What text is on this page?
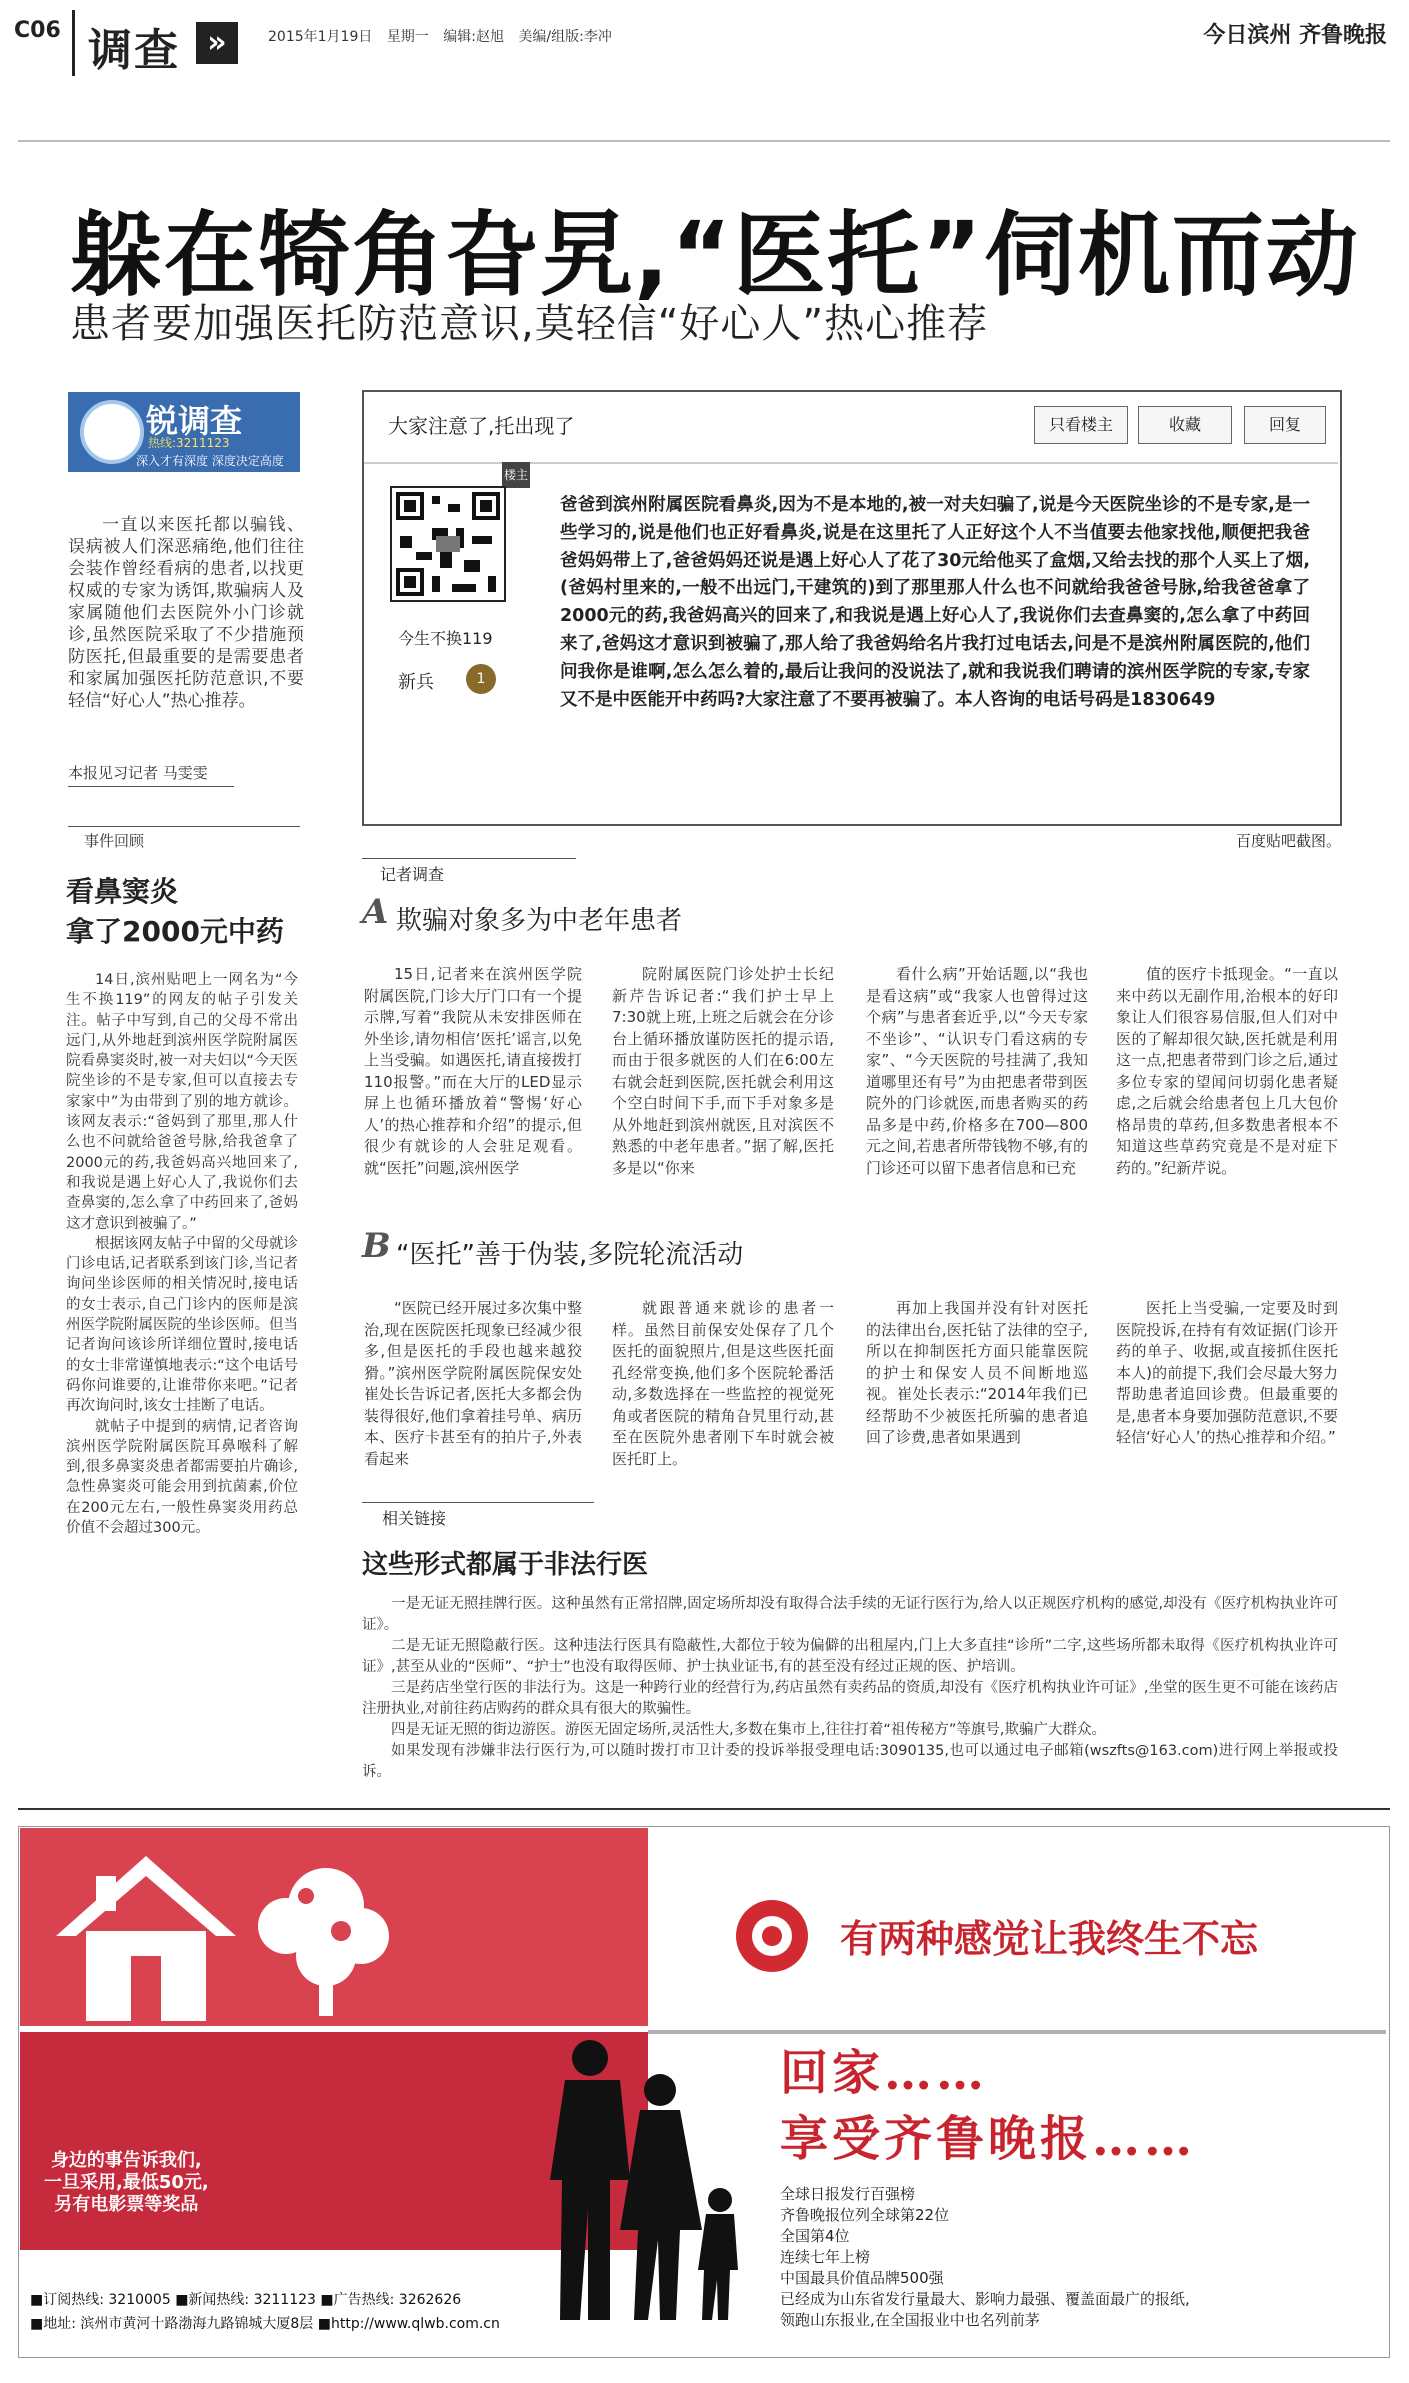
C06 调查 »	2015年1月19日 星期一 编辑:赵旭 美编/组版:李冲	今日滨州 齐鲁晚报
躲在犄角旮旯,“医托”伺机而动
患者要加强医托防范意识,莫轻信“好心人”热心推荐
锐调查
热线:3211123
深入才有深度 深度决定高度
一直以来医托都以骗钱、误病被人们深恶痛绝,他们往往会装作曾经看病的患者,以找更权威的专家为诱饵,欺骗病人及家属随他们去医院外小门诊就诊,虽然医院采取了不少措施预防医托,但最重要的是需要患者和家属加强医托防范意识,不要轻信“好心人”热心推荐。
本报见习记者 马雯雯
事件回顾
看鼻窦炎
拿了2000元中药

14日,滨州贴吧上一网名为“今生不换119”的网友的帖子引发关注。帖子中写到,自己的父母不常出远门,从外地赶到滨州医学院附属医院看鼻窦炎时,被一对夫妇以“今天医院坐诊的不是专家,但可以直接去专家家中”为由带到了别的地方就诊。该网友表示:“爸妈到了那里,那人什么也不问就给爸爸号脉,给我爸拿了2000元的药,我爸妈高兴地回来了,和我说是遇上好心人了,我说你们去查鼻窦的,怎么拿了中药回来了,爸妈这才意识到被骗了。”

根据该网友帖子中留的父母就诊门诊电话,记者联系到该门诊,当记者询问坐诊医师的相关情况时,接电话的女士表示,自己门诊内的医师是滨州医学院附属医院的坐诊医师。但当记者询问该诊所详细位置时,接电话的女士非常谨慎地表示:“这个电话号码你问谁要的,让谁带你来吧。”记者再次询问时,该女士挂断了电话。

就帖子中提到的病情,记者咨询滨州医学院附属医院耳鼻喉科了解到,很多鼻窦炎患者都需要拍片确诊,急性鼻窦炎可能会用到抗菌素,价位在200元左右,一般性鼻窦炎用药总价值不会超过300元。

大家注意了,托出现了	只看楼主	收藏	回复
楼主
今生不换119
新兵	1
爸爸到滨州附属医院看鼻炎,因为不是本地的,被一对夫妇骗了,说是今天医院坐诊的不是专家,是一些学习的,说是他们也正好看鼻炎,说是在这里托了人正好这个人不当值要去他家找他,顺便把我爸爸妈妈带上了,爸爸妈妈还说是遇上好心人了花了30元给他买了盒烟,又给去找的那个人买上了烟,(爸妈村里来的,一般不出远门,干建筑的)到了那里那人什么也不问就给我爸爸号脉,给我爸爸拿了2000元的药,我爸妈高兴的回来了,和我说是遇上好心人了,我说你们去查鼻窦的,怎么拿了中药回来了,爸妈这才意识到被骗了,那人给了我爸妈给名片我打过电话去,问是不是滨州附属医院的,他们问我你是谁啊,怎么怎么着的,最后让我问的没说法了,就和我说我们聘请的滨州医学院的专家,专家又不是中医能开中药吗?大家注意了不要再被骗了。本人咨询的电话号码是1830649
百度贴吧截图。
记者调查
A 欺骗对象多为中老年患者

15日,记者来在滨州医学院附属医院,门诊大厅门口有一个提示牌,写着“我院从未安排医师在外坐诊,请勿相信‘医托’谣言,以免上当受骗。如遇医托,请直接拨打110报警。”而在大厅的LED显示屏上也循环播放着“警惕‘好心人’的热心推荐和介绍”的提示,但很少有就诊的人会驻足观看。就“医托”问题,滨州医学

院附属医院门诊处护士长纪新芹告诉记者:“我们护士早上7:30就上班,上班之后就会在分诊台上循环播放谨防医托的提示语,而由于很多就医的人们在6:00左右就会赶到医院,医托就会利用这个空白时间下手,而下手对象多是从外地赶到滨州就医,且对滨医不熟悉的中老年患者。”据了解,医托多是以“你来

看什么病”开始话题,以“我也是看这病”或“我家人也曾得过这个病”与患者套近乎,以“今天专家不坐诊”、“认识专门看这病的专家”、“今天医院的号挂满了,我知道哪里还有号”为由把患者带到医院外的门诊就医,而患者购买的药品多是中药,价格多在700—800元之间,若患者所带钱物不够,有的门诊还可以留下患者信息和已充

值的医疗卡抵现金。“一直以来中药以无副作用,治根本的好印象让人们很容易信服,但人们对中医的了解却很欠缺,医托就是利用这一点,把患者带到门诊之后,通过多位专家的望闻问切弱化患者疑虑,之后就会给患者包上几大包价格昂贵的草药,但多数患者根本不知道这些草药究竟是不是对症下药的。”纪新芹说。

B “医托”善于伪装,多院轮流活动

“医院已经开展过多次集中整治,现在医院医托现象已经减少很多,但是医托的手段也越来越狡猾。”滨州医学院附属医院保安处崔处长告诉记者,医托大多都会伪装得很好,他们拿着挂号单、病历本、医疗卡甚至有的拍片子,外表看起来

就跟普通来就诊的患者一样。虽然目前保安处保存了几个医托的面貌照片,但是这些医托面孔经常变换,他们多个医院轮番活动,多数选择在一些监控的视觉死角或者医院的精角旮旯里行动,甚至在医院外患者刚下车时就会被医托盯上。

再加上我国并没有针对医托的法律出台,医托钻了法律的空子,所以在抑制医托方面只能靠医院的护士和保安人员不间断地巡视。崔处长表示:“2014年我们已经帮助不少被医托所骗的患者追回了诊费,患者如果遇到

医托上当受骗,一定要及时到医院投诉,在持有有效证据(门诊开药的单子、收据,或直接抓住医托本人)的前提下,我们会尽最大努力帮助患者追回诊费。但最重要的是,患者本身要加强防范意识,不要轻信‘好心人’的热心推荐和介绍。”

相关链接
这些形式都属于非法行医

一是无证无照挂牌行医。这种虽然有正常招牌,固定场所却没有取得合法手续的无证行医行为,给人以正规医疗机构的感觉,却没有《医疗机构执业许可证》。

二是无证无照隐蔽行医。这种违法行医具有隐蔽性,大都位于较为偏僻的出租屋内,门上大多直挂“诊所”二字,这些场所都未取得《医疗机构执业许可证》,甚至从业的“医师”、“护士”也没有取得医师、护士执业证书,有的甚至没有经过正规的医、护培训。

三是药店坐堂行医的非法行为。这是一种跨行业的经营行为,药店虽然有卖药品的资质,却没有《医疗机构执业许可证》,坐堂的医生更不可能在该药店注册执业,对前往药店购药的群众具有很大的欺骗性。

四是无证无照的街边游医。游医无固定场所,灵活性大,多数在集市上,往往打着“祖传秘方”等旗号,欺骗广大群众。

如果发现有涉嫌非法行医行为,可以随时拨打市卫计委的投诉举报受理电话:3090135,也可以通过电子邮箱(wszfts@163.com)进行网上举报或投诉。

身边的事告诉我们,
一旦采用,最低50元,
另有电影票等奖品
有两种感觉让我终生不忘
回家……
享受齐鲁晚报……
全球日报发行百强榜
齐鲁晚报位列全球第22位
全国第4位
连续七年上榜
中国最具价值品牌500强
已经成为山东省发行量最大、影响力最强、覆盖面最广的报纸,
领跑山东报业,在全国报业中也名列前茅
■订阅热线: 3210005 ■新闻热线: 3211123 ■广告热线: 3262626
■地址: 滨州市黄河十路渤海九路锦城大厦8层 ■http://www.qlwb.com.cn
